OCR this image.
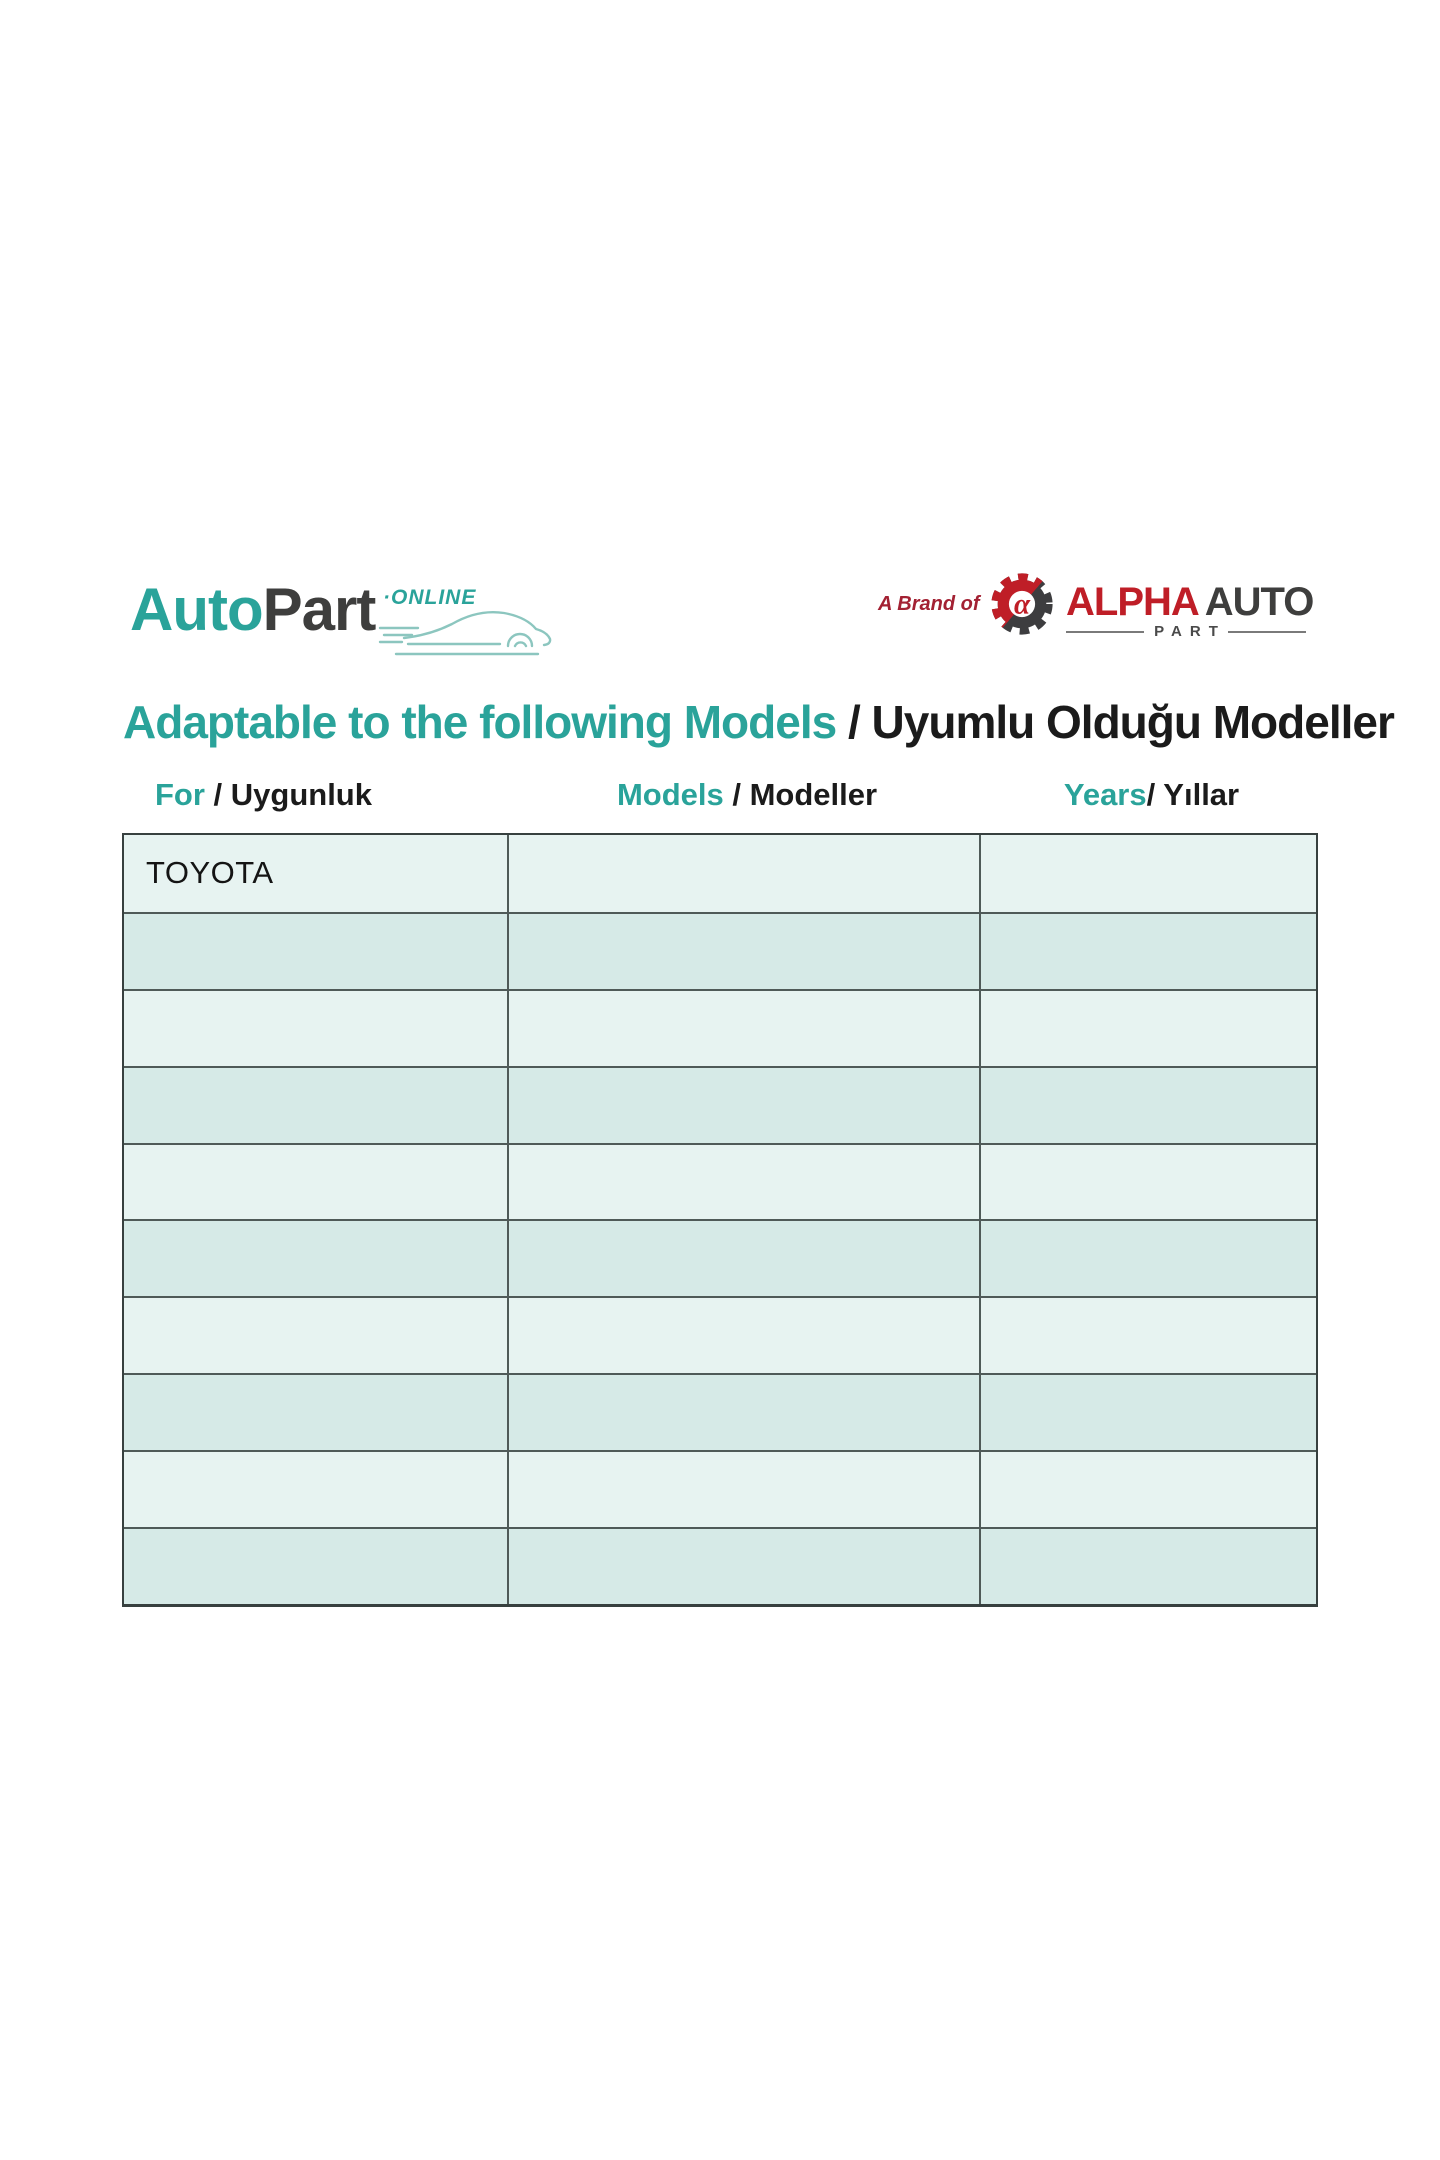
AutoPart ·ONLINE	A Brand of α ALPHA AUTO
PART
Adaptable to the following Models / Uyumlu Olduğu Modeller
For / Uygunluk	Models / Modeller	Years/ Yıllar
TOYOTA
